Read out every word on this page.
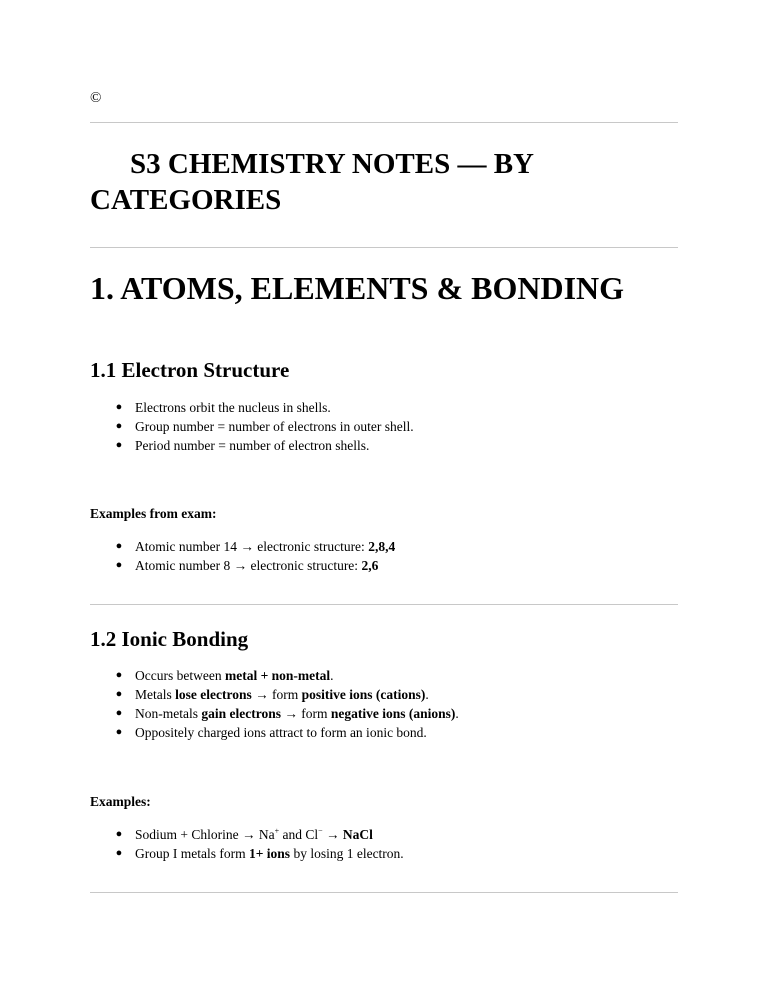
©
S3 CHEMISTRY NOTES — BY
CATEGORIES
1. ATOMS, ELEMENTS & BONDING
1.1 Electron Structure
● Electrons orbit the nucleus in shells.
● Group number = number of electrons in outer shell.
● Period number = number of electron shells.
Examples from exam:
● Atomic number 14 → electronic structure: 2,8,4
● Atomic number 8 → electronic structure: 2,6
1.2 Ionic Bonding
● Occurs between metal + non-metal.
● Metals lose electrons → form positive ions (cations).
● Non-metals gain electrons → form negative ions (anions).
● Oppositely charged ions attract to form an ionic bond.
Examples:
● Sodium + Chlorine → Na+ and Cl− → NaCl
● Group I metals form 1+ ions by losing 1 electron.
